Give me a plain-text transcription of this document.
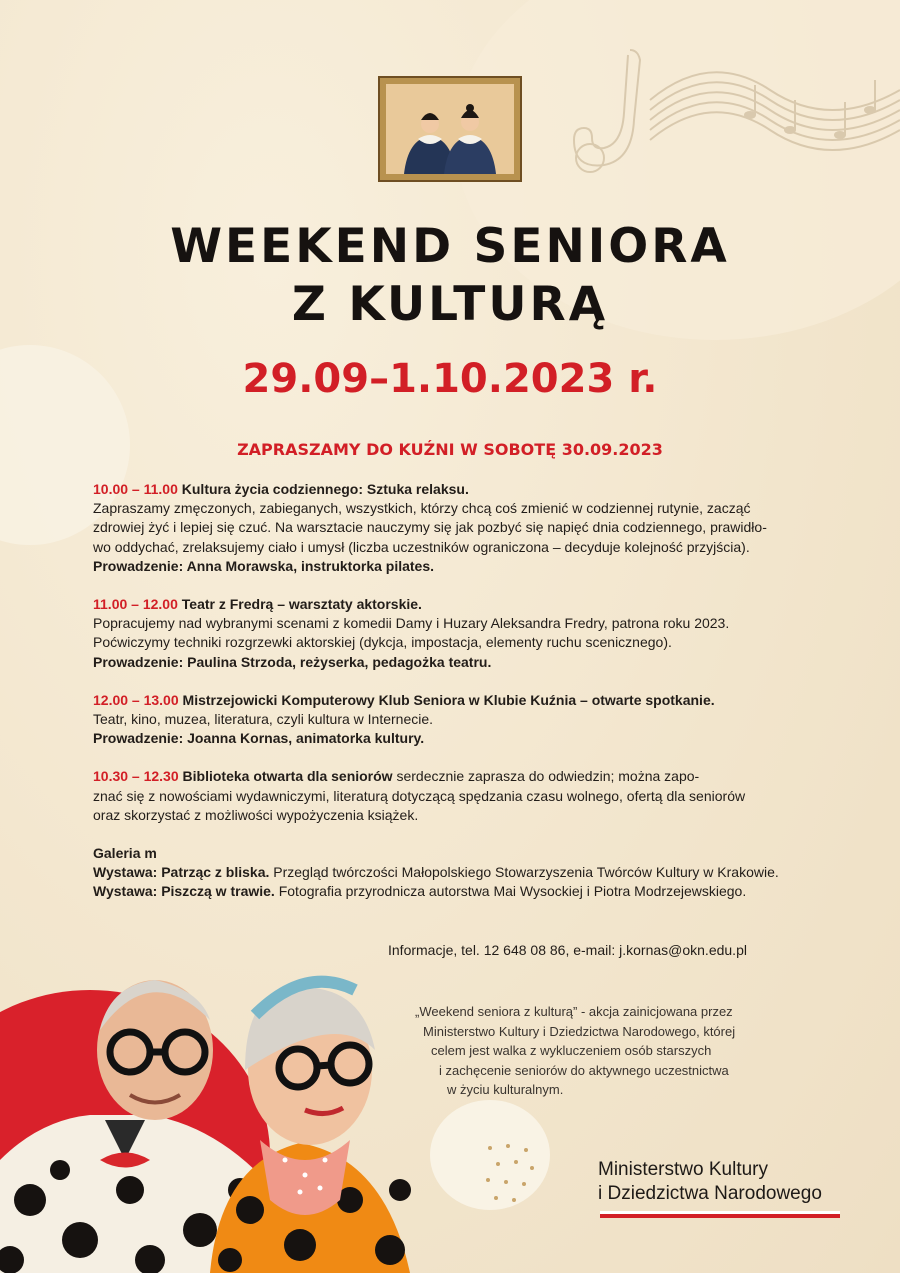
WEEKEND SENIORA
Z KULTURĄ
29.09–1.10.2023 r.
ZAPRASZAMY DO KUŹNI W SOBOTĘ 30.09.2023
10.00 – 11.00 Kultura życia codziennego: Sztuka relaksu.
Zapraszamy zmęczonych, zabieganych, wszystkich, którzy chcą coś zmienić w codziennej rutynie, zacząć
zdrowiej żyć i lepiej się czuć. Na warsztacie nauczymy się jak pozbyć się napięć dnia codziennego, prawidło-
wo oddychać, zrelaksujemy ciało i umysł (liczba uczestników ograniczona – decyduje kolejność przyjścia).
Prowadzenie: Anna Morawska, instruktorka pilates.
11.00 – 12.00 Teatr z Fredrą – warsztaty aktorskie.
Popracujemy nad wybranymi scenami z komedii Damy i Huzary Aleksandra Fredry, patrona roku 2023.
Poćwiczymy techniki rozgrzewki aktorskiej (dykcja, impostacja, elementy ruchu scenicznego).
Prowadzenie: Paulina Strzoda, reżyserka, pedagożka teatru.
12.00 – 13.00 Mistrzejowicki Komputerowy Klub Seniora w Klubie Kuźnia – otwarte spotkanie.
Teatr, kino, muzea, literatura, czyli kultura w Internecie.
Prowadzenie: Joanna Kornas, animatorka kultury.
10.30 – 12.30 Biblioteka otwarta dla seniorów serdecznie zaprasza do odwiedzin; można zapo-
znać się z nowościami wydawniczymi, literaturą dotyczącą spędzania czasu wolnego, ofertą dla seniorów
oraz skorzystać z możliwości wypożyczenia książek.
Galeria m
Wystawa: Patrząc z bliska. Przegląd twórczości Małopolskiego Stowarzyszenia Twórców Kultury w Krakowie.
Wystawa: Piszczą w trawie. Fotografia przyrodnicza autorstwa Mai Wysockiej i Piotra Modrzejewskiego.
Informacje, tel. 12 648 08 86, e-mail: j.kornas@okn.edu.pl
„Weekend seniora z kulturą” - akcja zainicjowana przez
Ministerstwo Kultury i Dziedzictwa Narodowego, której
celem jest walka z wykluczeniem osób starszych
i zachęcenie seniorów do aktywnego uczestnictwa
w życiu kulturalnym.
Ministerstwo Kultury
i Dziedzictwa Narodowego
